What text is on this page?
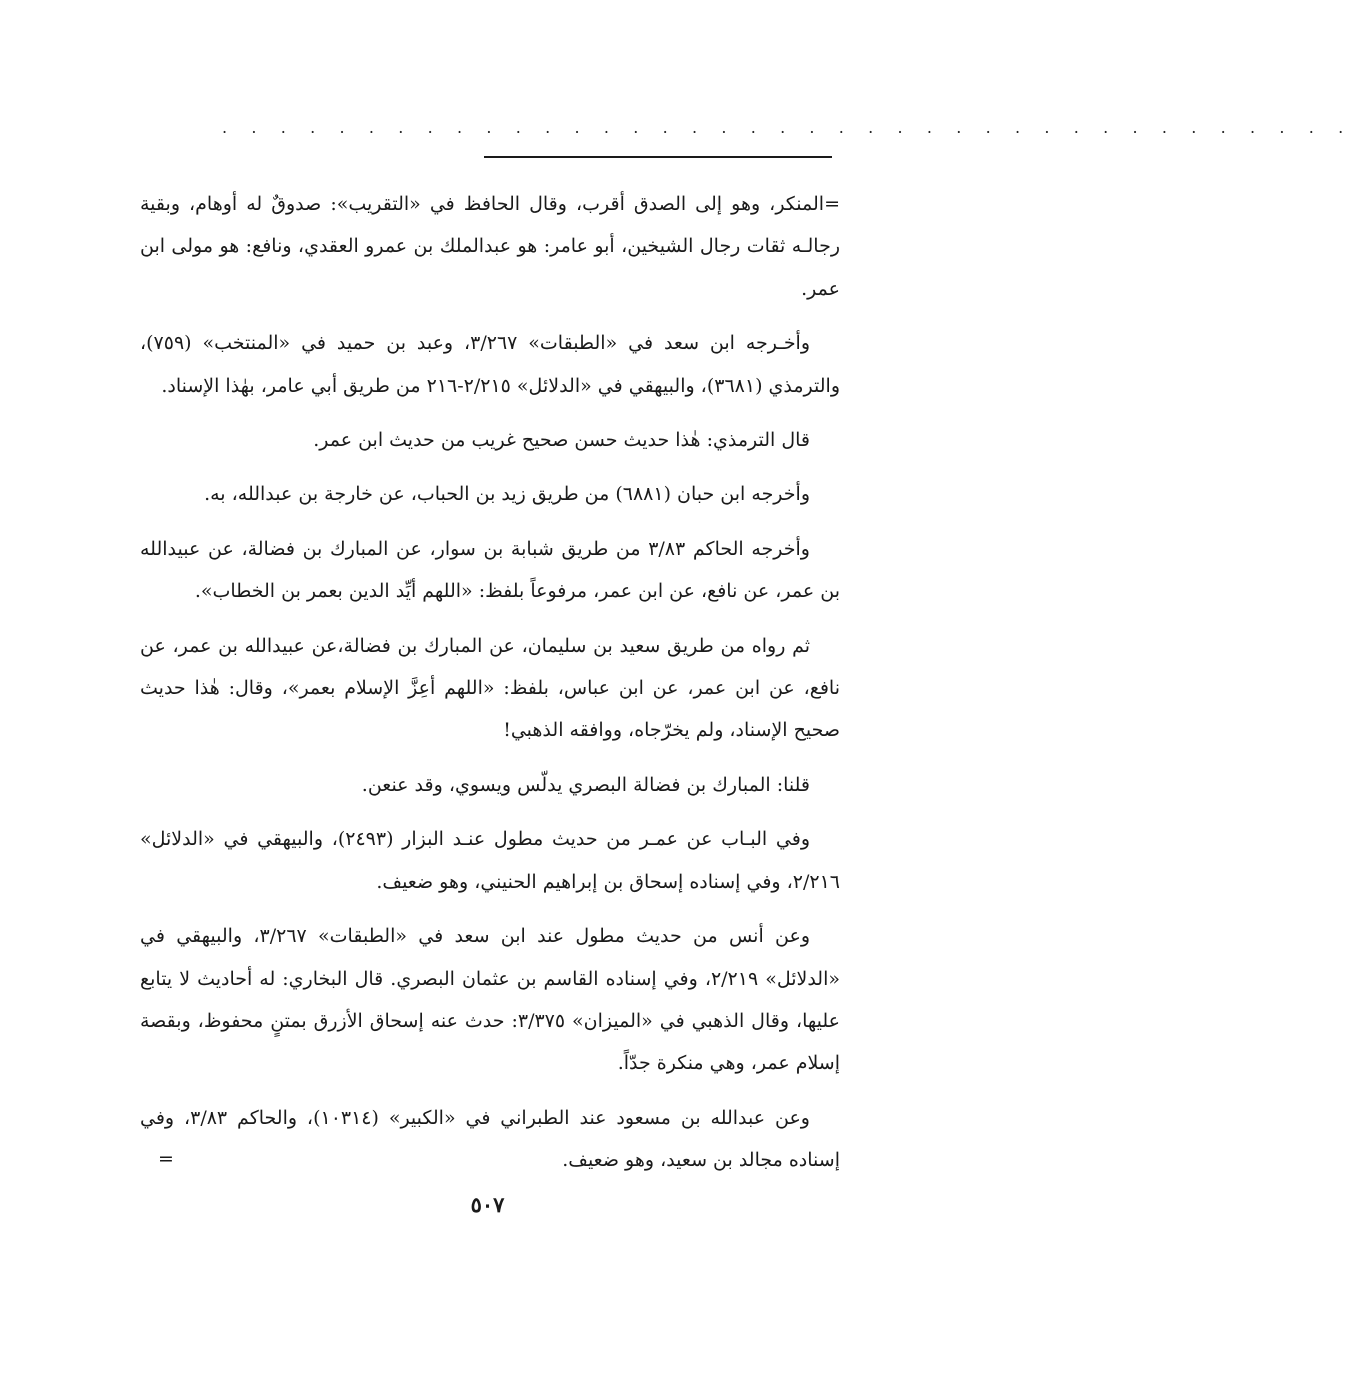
. . . . . . . . . . . . . . . . . . . . . . . . . . . . . . . . . . . . . . .

=المنكر، وهو إلى الصدق أقرب، وقال الحافظ في «التقريب»: صدوقٌ له أوهام، وبقية رجالـه ثقات رجال الشيخين، أبو عامر: هو عبدالملك بن عمرو العقدي، ونافع: هو مولى ابن عمر.

وأخـرجه ابن سعد في «الطبقات» ٣/٢٦٧، وعبد بن حميد في «المنتخب» (٧٥٩)، والترمذي (٣٦٨١)، والبيهقي في «الدلائل» ٢/٢١٥-٢١٦ من طريق أبي عامر، بهٰذا الإسناد.

قال الترمذي: هٰذا حديث حسن صحيح غريب من حديث ابن عمر.

وأخرجه ابن حبان (٦٨٨١) من طريق زيد بن الحباب، عن خارجة بن عبدالله، به.

وأخرجه الحاكم ٣/٨٣ من طريق شبابة بن سوار، عن المبارك بن فضالة، عن عبيدالله بن عمر، عن نافع، عن ابن عمر، مرفوعاً بلفظ: «اللهم أيِّد الدين بعمر بن الخطاب».

ثم رواه من طريق سعيد بن سليمان، عن المبارك بن فضالة،عن عبيدالله بن عمر، عن نافع، عن ابن عمر، عن ابن عباس، بلفظ: «اللهم أعِزَّ الإسلام بعمر»، وقال: هٰذا حديث صحيح الإسناد، ولم يخرّجاه، ووافقه الذهبي!

قلنا: المبارك بن فضالة البصري يدلّس ويسوي، وقد عنعن.

وفي البـاب عن عمـر من حديث مطول عنـد البزار (٢٤٩٣)، والبيهقي في «الدلائل» ٢/٢١٦، وفي إسناده إسحاق بن إبراهيم الحنيني، وهو ضعيف.

وعن أنس من حديث مطول عند ابن سعد في «الطبقات» ٣/٢٦٧، والبيهقي في «الدلائل» ٢/٢١٩، وفي إسناده القاسم بن عثمان البصري. قال البخاري: له أحاديث لا يتابع عليها، وقال الذهبي في «الميزان» ٣/٣٧٥: حدث عنه إسحاق الأزرق بمتنٍ محفوظ، وبقصة إسلام عمر، وهي منكرة جدّاً.

وعن عبدالله بن مسعود عند الطبراني في «الكبير» (١٠٣١٤)، والحاكم ٣/٨٣، وفي إسناده مجالد بن سعيد، وهو ضعيف.

=
٥٠٧
